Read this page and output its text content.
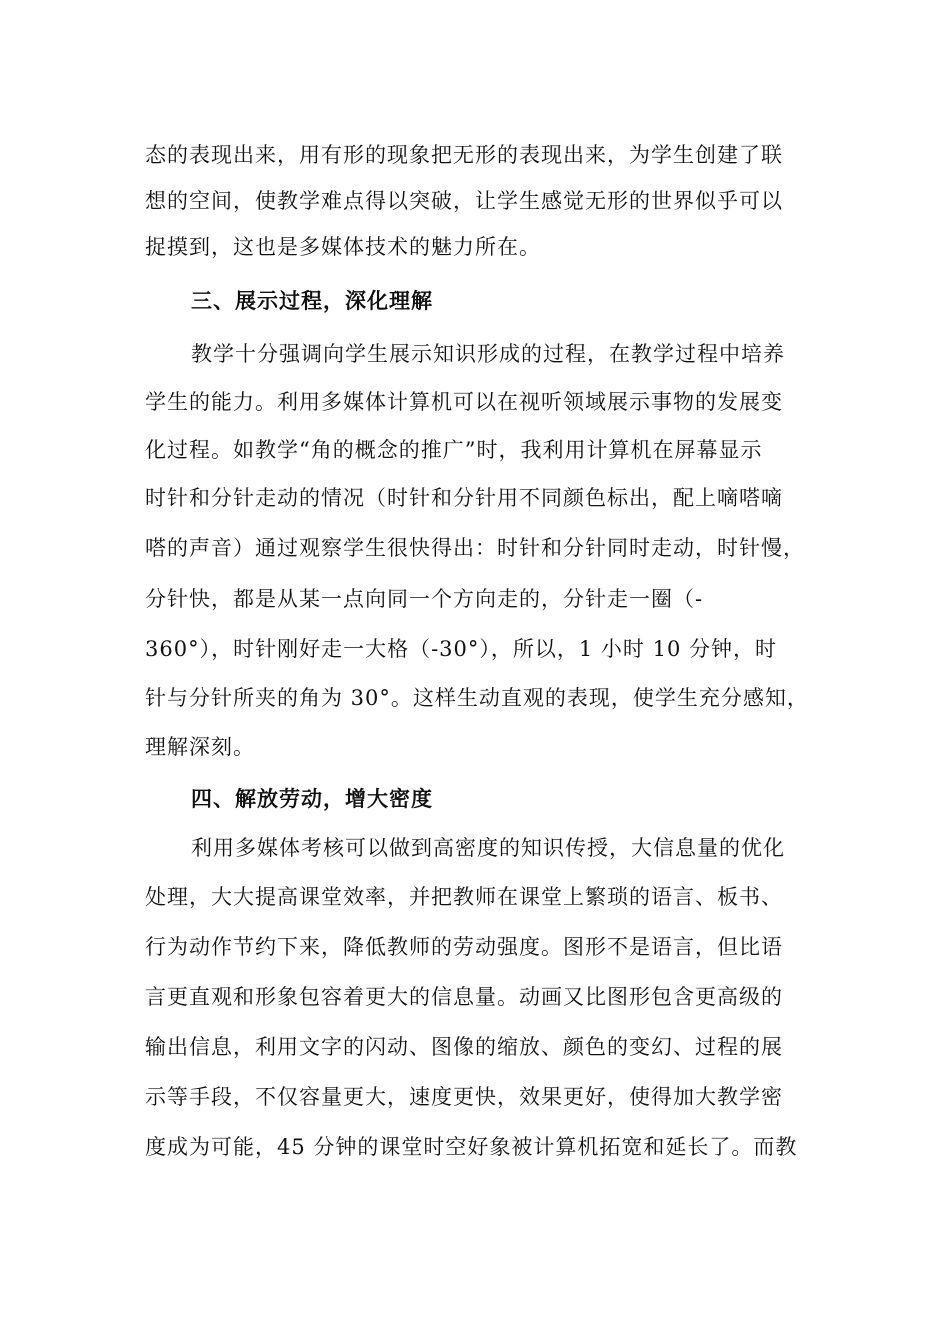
态的表现出来，用有形的现象把无形的表现出来，为学生创建了联
想的空间，使教学难点得以突破，让学生感觉无形的世界似乎可以
捉摸到，这也是多媒体技术的魅力所在。
三、展示过程，深化理解
教学十分强调向学生展示知识形成的过程，在教学过程中培养
学生的能力。利用多媒体计算机可以在视听领域展示事物的发展变
化过程。如教学“角的概念的推广”时，我利用计算机在屏幕显示
时针和分针走动的情况（时针和分针用不同颜色标出，配上嘀嗒嘀
嗒的声音）通过观察学生很快得出：时针和分针同时走动，时针慢，
分针快，都是从某一点向同一个方向走的，分针走一圈（-
360°），时针刚好走一大格（-30°），所以，1 小时 10 分钟，时
针与分针所夹的角为 30°。这样生动直观的表现，使学生充分感知，
理解深刻。
四、解放劳动，增大密度
利用多媒体考核可以做到高密度的知识传授，大信息量的优化
处理，大大提高课堂效率，并把教师在课堂上繁琐的语言、板书、
行为动作节约下来，降低教师的劳动强度。图形不是语言，但比语
言更直观和形象包容着更大的信息量。动画又比图形包含更高级的
输出信息，利用文字的闪动、图像的缩放、颜色的变幻、过程的展
示等手段，不仅容量更大，速度更快，效果更好，使得加大教学密
度成为可能，45 分钟的课堂时空好象被计算机拓宽和延长了。而教
